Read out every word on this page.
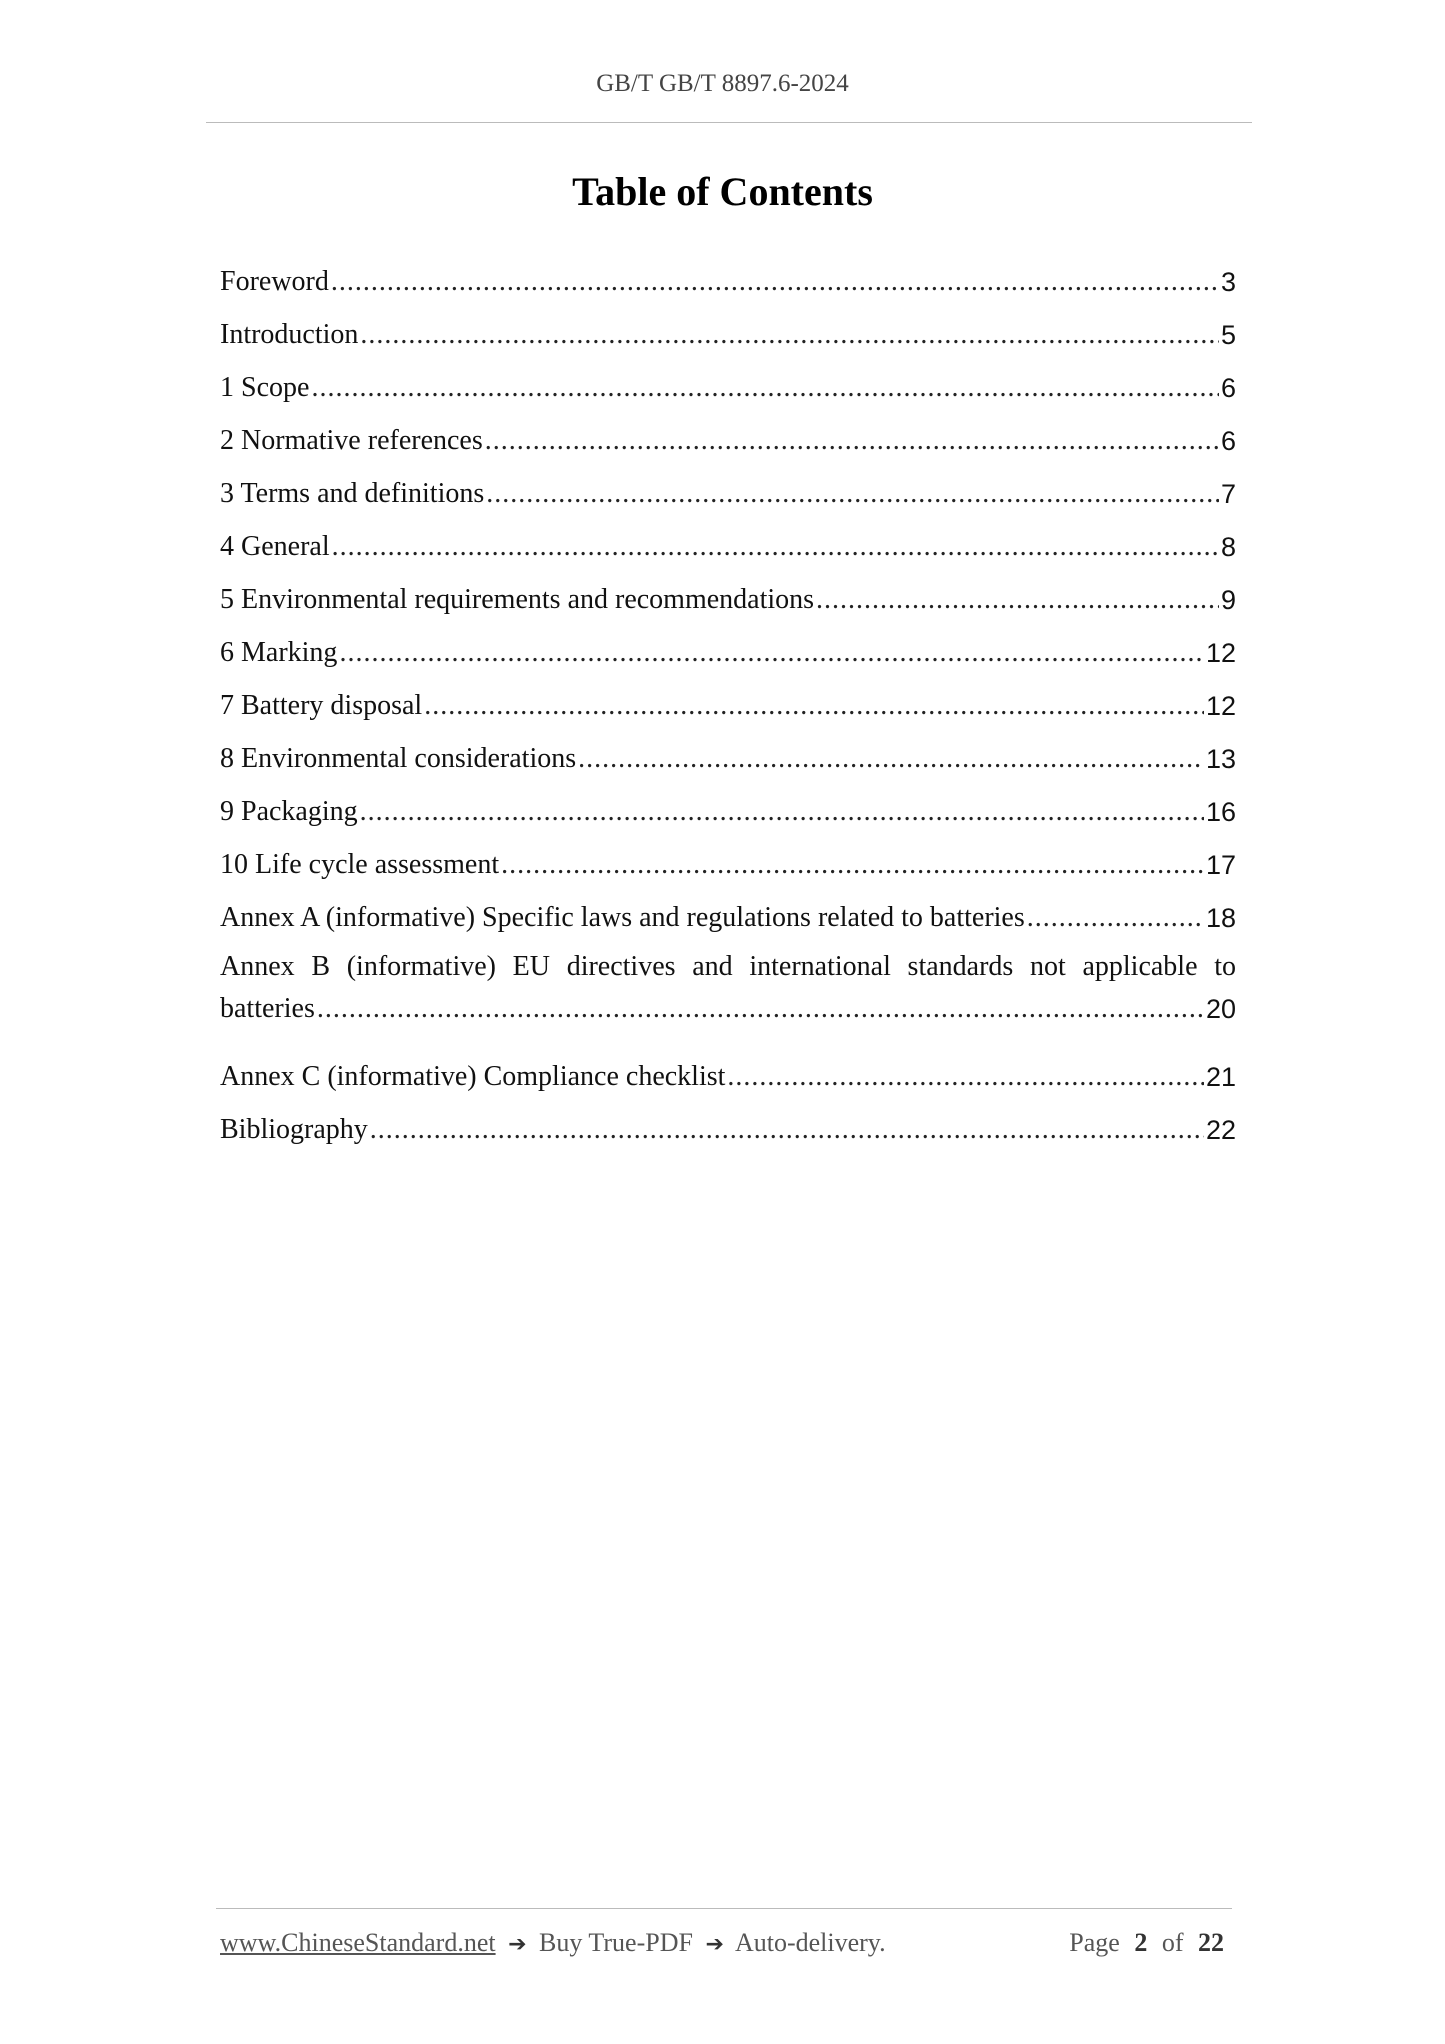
GB/T GB/T 8897.6-2024
Table of Contents
Foreword .....	3
Introduction .....	5
1 Scope .....	6
2 Normative references .....	6
3 Terms and definitions .....	7
4 General .....	8
5 Environmental requirements and recommendations .....	9
6 Marking .....	12
7 Battery disposal .....	12
8 Environmental considerations .....	13
9 Packaging .....	16
10 Life cycle assessment .....	17
Annex A (informative) Specific laws and regulations related to batteries .....	18
Annex B (informative) EU directives and international standards not applicable to
batteries .....	20
Annex C (informative) Compliance checklist .....	21
Bibliography .....	22
www.ChineseStandard.net ➔ Buy True-PDF ➔ Auto-delivery.	Page 2 of 22
